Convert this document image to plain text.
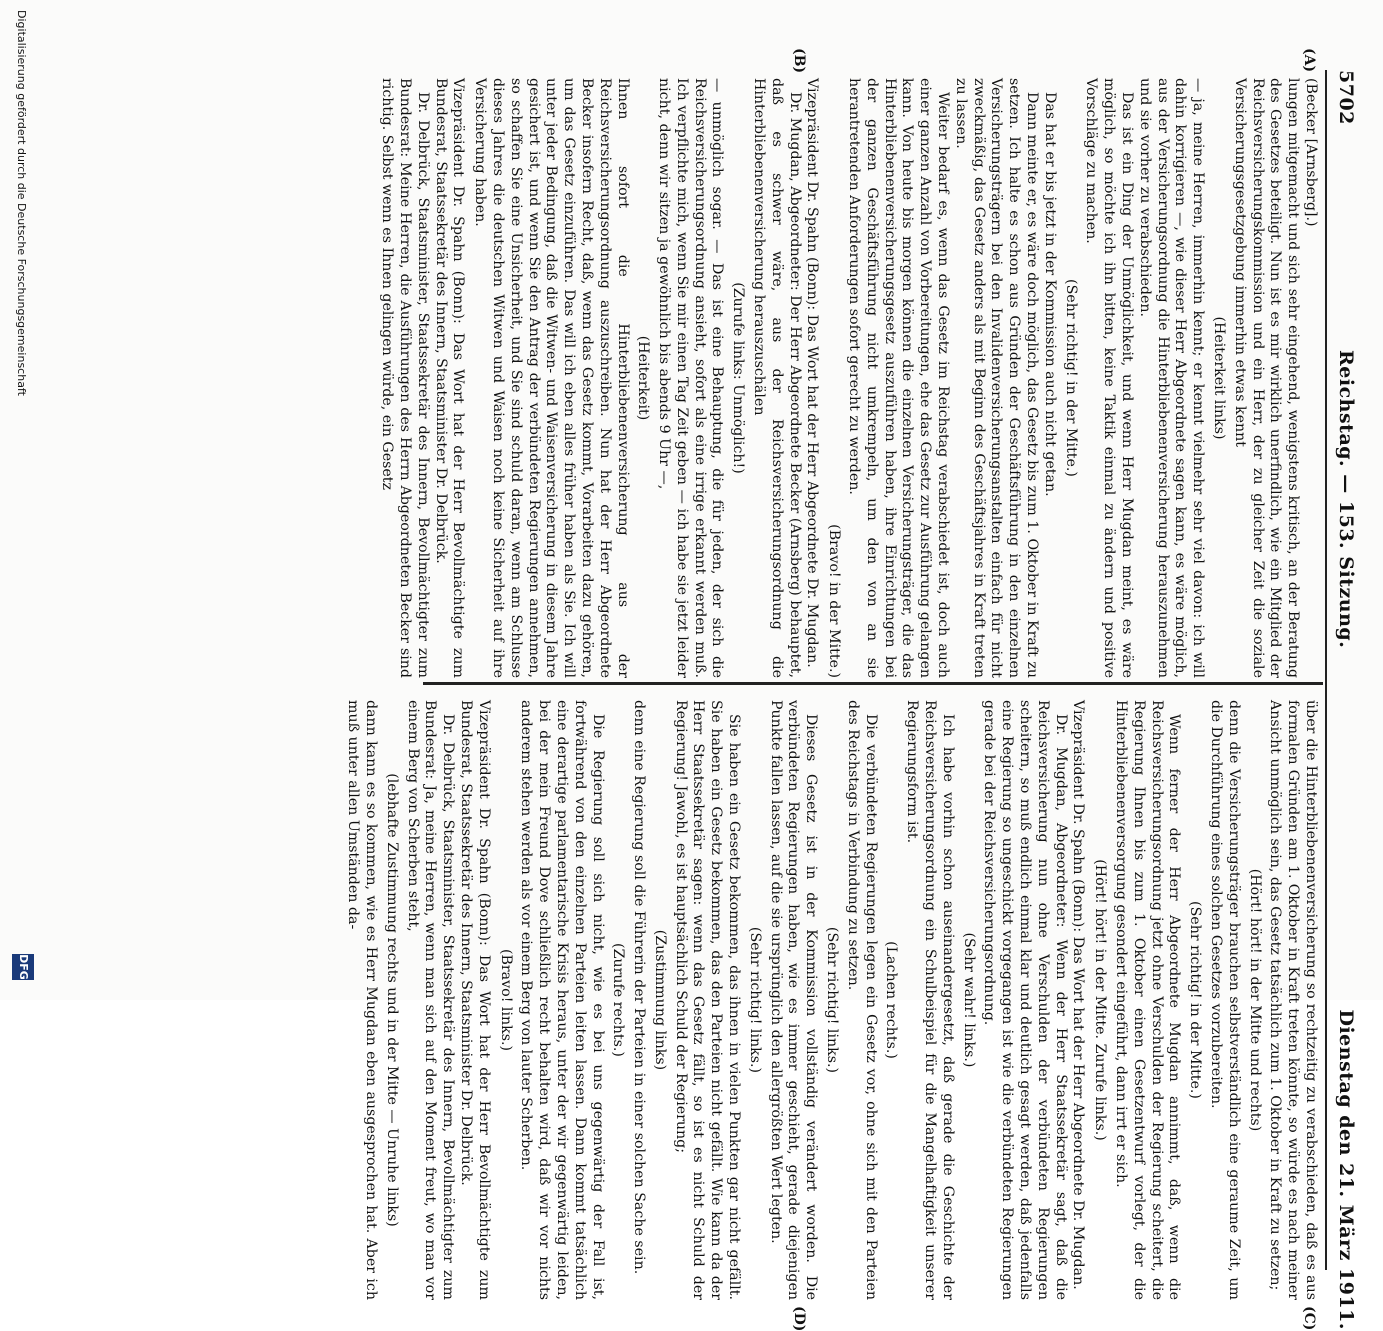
5702
Reichstag. — 153. Sitzung.
Dienstag den 21. März 1911.
(A)
(B)
(C)
(D)

(Becker [Arnsberg].)

lungen mitgemacht und sich sehr eingehend, wenigstens kritisch, an der Beratung des Gesetzes beteiligt. Nun ist es mir wirklich unerfindlich, wie ein Mitglied der Reichsversicherungskommission und ein Herr, der zu gleicher Zeit die soziale Versicherungsgesetzgebung immerhin etwas kennt

(Heiterkeit links)

— ja, meine Herren, immerhin kennt; er kennt vielmehr sehr viel davon: ich will dahin korrigieren —, wie dieser Herr Abgeordnete sagen kann, es wäre möglich, aus der Versicherungsordnung die Hinterbliebenenversicherung herauszunehmen und sie vorher zu verabschieden.

Das ist ein Ding der Unmöglichkeit, und wenn Herr Mugdan meint, es wäre möglich, so möchte ich ihn bitten, keine Taktik einmal zu ändern und positive Vorschläge zu machen.

(Sehr richtig! in der Mitte.)

Das hat er bis jetzt in der Kommission auch nicht getan.

Dann meinte er, es wäre doch möglich, das Gesetz bis zum 1. Oktober in Kraft zu setzen. Ich halte es schon aus Gründen der Geschäftsführung in den einzelnen Versicherungsträgern bei den Invalidenversicherungsanstalten einfach für nicht zweckmäßig, das Gesetz anders als mit Beginn des Geschäftsjahres in Kraft treten zu lassen.

Weiter bedarf es, wenn das Gesetz im Reichstag verabschiedet ist, doch auch einer ganzen Anzahl von Vorbereitungen, ehe das Gesetz zur Ausführung gelangen kann. Von heute bis morgen können die einzelnen Versicherungsträger, die das Hinterbliebenenversicherungsgesetz auszuführen haben, ihre Einrichtungen bei der ganzen Geschäftsführung nicht umkrempeln, um den von an sie herantretenden Anforderungen sofort gerecht zu werden.

(Bravo! in der Mitte.)

Vizepräsident Dr. Spahn (Bonn): Das Wort hat der Herr Abgeordnete Dr. Mugdan.

Dr. Mugdan, Abgeordneter: Der Herr Abgeordnete Becker (Arnsberg) behauptet, daß es schwer wäre, aus der Reichsversicherungsordnung die Hinterbliebenenversicherung herauszuschälen

(Zurufe links: Unmöglich!)

— unmöglich sogar. — Das ist eine Behauptung, die für jeden, der sich die Reichsversicherungsordnung ansieht, sofort als eine irrige erkannt werden muß. Ich verpflichte mich, wenn Sie mir einen Tag Zeit geben — ich habe sie jetzt leider nicht, denn wir sitzen ja gewöhnlich bis abends 9 Uhr —,

(Heiterkeit)

Ihnen sofort die Hinterbliebenenversicherung aus der Reichsversicherungsordnung auszuschreiben. Nun hat der Herr Abgeordnete Becker insofern Recht, daß, wenn das Gesetz kommt, Vorarbeiten dazu gehören, um das Gesetz einzuführen. Das will ich eben alles früher haben als Sie. Ich will unter jeder Bedingung, daß die Witwen- und Waisenversicherung in diesem Jahre gesichert ist, und wenn Sie den Antrag der verbündeten Regierungen annehmen, so schaffen Sie eine Unsicherheit, und Sie sind schuld daran, wenn am Schlusse dieses Jahres die deutschen Witwen und Waisen noch keine Sicherheit auf ihre Versicherung haben.

Vizepräsident Dr. Spahn (Bonn): Das Wort hat der Herr Bevollmächtigte zum Bundesrat, Staatssekretär des Innern, Staatsminister Dr. Delbrück.

Dr. Delbrück, Staatsminister, Staatssekretär des Innern, Bevollmächtigter zum Bundesrat: Meine Herren, die Ausführungen des Herrn Abgeordneten Becker sind richtig. Selbst wenn es Ihnen gelingen würde, ein Gesetz

über die Hinterbliebenenversicherung so rechtzeitig zu verabschieden, daß es aus formalen Gründen am 1. Oktober in Kraft treten könnte, so würde es nach meiner Ansicht unmöglich sein, das Gesetz tatsächlich zum 1. Oktober in Kraft zu setzen;

(Hört! hört! in der Mitte und rechts)

denn die Versicherungsträger brauchen selbstverständlich eine geraume Zeit, um die Durchführung eines solchen Gesetzes vorzubereiten.

(Sehr richtig! in der Mitte.)

Wenn ferner der Herr Abgeordnete Mugdan annimmt, daß, wenn die Reichsversicherungsordnung jetzt ohne Verschulden der Regierung scheitert, die Regierung Ihnen bis zum 1. Oktober einen Gesetzentwurf vorlegt, der die Hinterbliebenenversorgung gesondert eingeführt, dann irrt er sich.

(Hört! hört! in der Mitte. Zurufe links.)

Vizepräsident Dr. Spahn (Bonn): Das Wort hat der Herr Abgeordnete Dr. Mugdan.

Dr. Mugdan, Abgeordneter: Wenn der Herr Staatssekretär sagt, daß die Reichsversicherung nun ohne Verschulden der verbündeten Regierungen scheitern, so muß endlich einmal klar und deutlich gesagt werden, daß jedenfalls eine Regierung so ungeschickt vorgegangen ist wie die verbündeten Regierungen gerade bei der Reichsversicherungsordnung.

(Sehr wahr! links.)

Ich habe vorhin schon auseinandergesetzt, daß gerade die Geschichte der Reichsversicherungsordnung ein Schulbeispiel für die Mangelhaftigkeit unserer Regierungsform ist.

(Lachen rechts.)

Die verbündeten Regierungen legen ein Gesetz vor, ohne sich mit den Parteien des Reichstags in Verbindung zu setzen.

(Sehr richtig! links.)

Dieses Gesetz ist in der Kommission vollständig verändert worden. Die verbündeten Regierungen haben, wie es immer geschieht, gerade diejenigen Punkte fallen lassen, auf die sie ursprünglich den allergrößten Wert legten.

(Sehr richtig! links.)

Sie haben ein Gesetz bekommen, das ihnen in vielen Punkten gar nicht gefällt. Sie haben ein Gesetz bekommen, das den Parteien nicht gefällt. Wie kann da der Herr Staatssekretär sagen: wenn das Gesetz fällt, so ist es nicht Schuld der Regierung! Jawohl, es ist hauptsächlich Schuld der Regierung;

(Zustimmung links)

denn eine Regierung soll die Führerin der Parteien in einer solchen Sache sein.

(Zurufe rechts.)

Die Regierung soll sich nicht, wie es bei uns gegenwärtig der Fall ist, fortwährend von den einzelnen Parteien leiten lassen. Dann kommt tatsächlich eine derartige parlamentarische Krisis heraus, unter der wir gegenwärtig leiden, bei der mein Freund Dove schließlich recht behalten wird, daß wir vor nichts anderem stehen werden als vor einem Berg von lauter Scherben.

(Bravo! links.)

Vizepräsident Dr. Spahn (Bonn): Das Wort hat der Herr Bevollmächtigte zum Bundesrat, Staatssekretär des Innern, Staatsminister Dr. Delbrück.

Dr. Delbrück, Staatsminister, Staatssekretär des Innern, Bevollmächtigter zum Bundesrat: Ja, meine Herren, wenn man sich auf den Moment freut, wo man vor einem Berg von Scherben steht,

(lebhafte Zustimmung rechts und in der Mitte — Unruhe links)

dann kann es so kommen, wie es Herr Mugdan eben ausgesprochen hat. Aber ich muß unter allen Umständen da-

Digitalisierung gefördert durch die Deutsche Forschungsgemeinschaft
DFG
